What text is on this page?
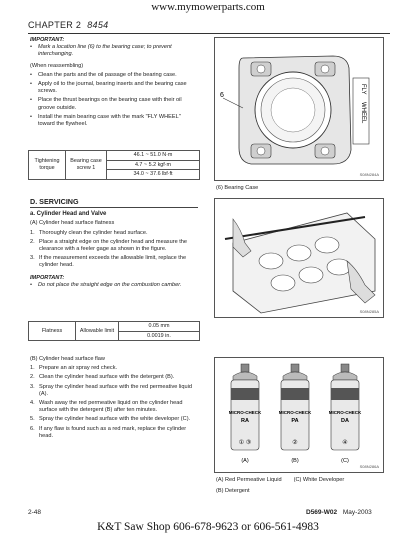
www.mymowerparts.com
CHAPTER 2 8454
IMPORTANT:
• Mark a location line (6) to the bearing case; to prevent interchanging.
(When reassembling)
• Clean the parts and the oil passage of the bearing case.
• Apply oil to the journal, bearing inserts and the bearing case screws.
• Place the thrust bearings on the bearing case with their oil groove outside.
• Install the main bearing case with the mark "FLY WHEEL" toward the flywheel.
Tightening torque	Bearing case screw 1	46.1 ~ 51.0 N·m
4.7 ~ 5.2 kgf·m
34.0 ~ 37.6 lbf·ft
6
FLY
WHEEL
S08N284A
(6) Bearing Case
D. SERVICING
a. Cylinder Head and Valve
(A) Cylinder head surface flatness
1. Thoroughly clean the cylinder head surface.
2. Place a straight edge on the cylinder head and measure the clearance with a feeler gage as shown in the figure.
3. If the measurement exceeds the allowable limit, replace the cylinder head.
IMPORTANT:
• Do not place the straight edge on the combustion camber.
Flatness	Allowable limit	0.05 mm
0.0019 in.
S08N285A
(B) Cylinder head surface flaw
1. Prepare an air spray red check.
2. Clean the cylinder head surface with the detergent (B).
3. Spray the cylinder head surface with the red permeative liquid (A).
4. Wash away the red permeative liquid on the cylinder head surface with the detergent (B) after ten minutes.
5. Spray the cylinder head surface with the white developer (C).
6. If any flaw is found such as a red mark, replace the cylinder head.
MICRO-CHECK
RA
① ③
(A)
MICRO-CHECK
PA
②
(B)
MICRO-CHECK
DA
④
(C)
S08N286A
(A) Red Permeative Liquid (C) White Developer
(B) Detergent
2-48	D569-W02 May-2003
K&T Saw Shop 606-678-9623 or 606-561-4983
